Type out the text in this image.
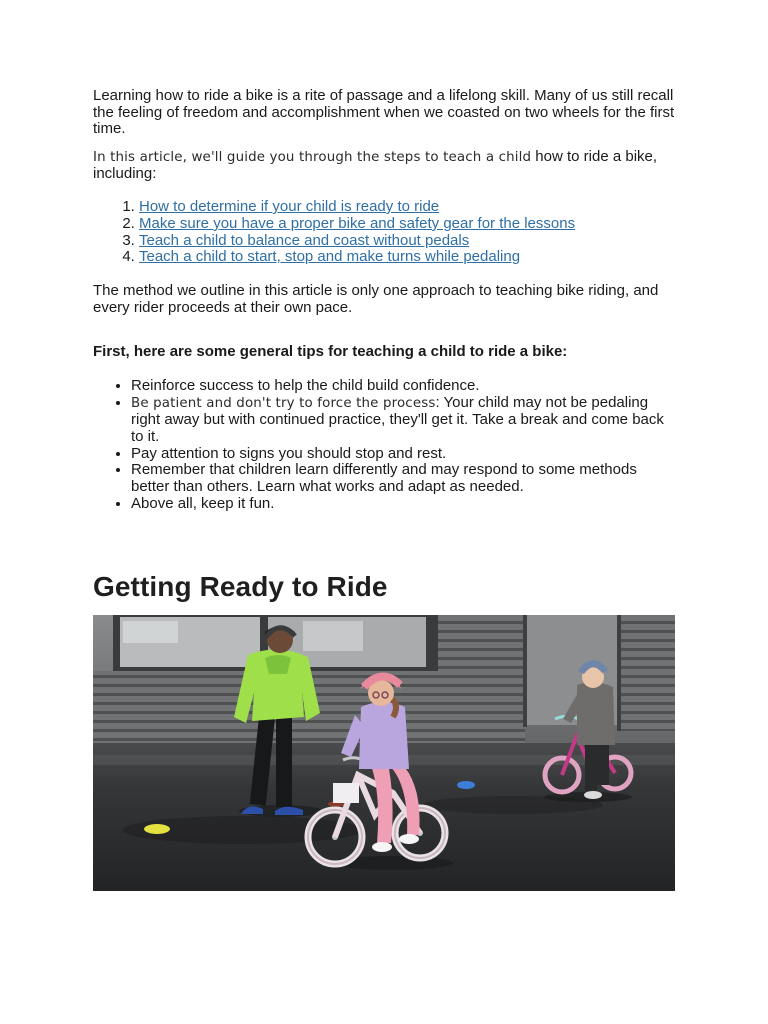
Learning how to ride a bike is a rite of passage and a lifelong skill. Many of us still recall the feeling of freedom and accomplishment when we coasted on two wheels for the first time.

In this article, we'll guide you through the steps to teach a child how to ride a bike, including:

1. How to determine if your child is ready to ride
2. Make sure you have a proper bike and safety gear for the lessons
3. Teach a child to balance and coast without pedals
4. Teach a child to start, stop and make turns while pedaling

The method we outline in this article is only one approach to teaching bike riding, and every rider proceeds at their own pace.

First, here are some general tips for teaching a child to ride a bike:

• Reinforce success to help the child build confidence.
• Be patient and don't try to force the process: Your child may not be pedaling right away but with continued practice, they'll get it. Take a break and come back to it.
• Pay attention to signs you should stop and rest.
• Remember that children learn differently and may respond to some methods better than others. Learn what works and adapt as needed.
• Above all, keep it fun.
Getting Ready to Ride
